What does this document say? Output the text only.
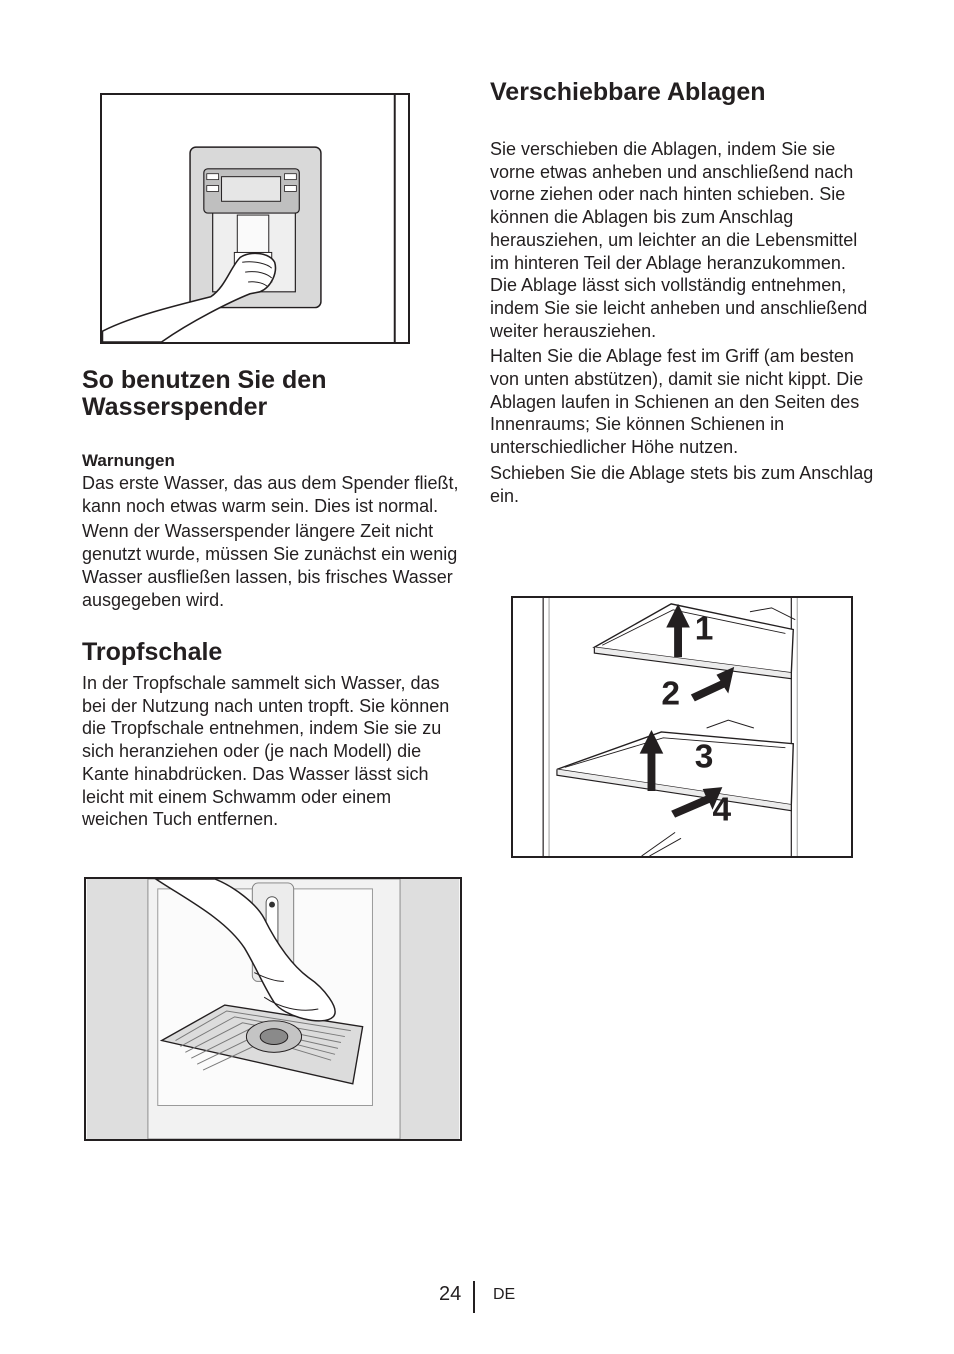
So benutzen Sie den Wasserspender

Warnungen

Das erste Wasser, das aus dem Spender fließt, kann noch etwas warm sein. Dies ist normal.

Wenn der Wasserspender längere Zeit nicht genutzt wurde, müssen Sie zunächst ein wenig Wasser ausfließen lassen, bis frisches Wasser ausgegeben wird.

Tropfschale

In der Tropfschale sammelt sich Wasser, das bei der Nutzung nach unten tropft. Sie können die Tropfschale entnehmen, indem Sie sie zu sich heranziehen oder (je nach Modell) die Kante hinabdrücken. Das Wasser lässt sich leicht mit einem Schwamm oder einem weichen Tuch entfernen.

Verschiebbare Ablagen

Sie verschieben die Ablagen, indem Sie sie vorne etwas anheben und anschließend nach vorne ziehen oder nach hinten schieben. Sie können die Ablagen bis zum Anschlag herausziehen, um leichter an die Lebensmittel im hinteren Teil der Ablage heranzukommen. Die Ablage lässt sich vollständig entnehmen, indem Sie sie leicht anheben und anschließend weiter herausziehen.

Halten Sie die Ablage fest im Griff (am besten von unten abstützen), damit sie nicht kippt. Die Ablagen laufen in Schienen an den Seiten des Innenraums; Sie können Schienen in unterschiedlicher Höhe nutzen.

Schieben Sie die Ablage stets bis zum Anschlag ein.

1
2
3
4
24 DE
